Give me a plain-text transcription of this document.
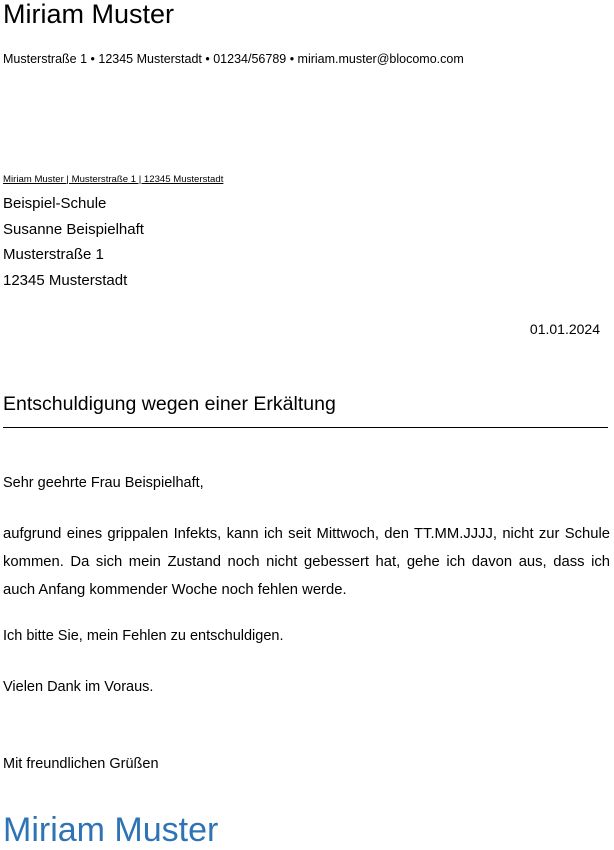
Miriam Muster
Musterstraße 1 • 12345 Musterstadt • 01234/56789 • miriam.muster@blocomo.com
Miriam Muster | Musterstraße 1 | 12345 Musterstadt
Beispiel-Schule
Susanne Beispielhaft
Musterstraße 1
12345 Musterstadt
01.01.2024
Entschuldigung wegen einer Erkältung
Sehr geehrte Frau Beispielhaft,
aufgrund eines grippalen Infekts, kann ich seit Mittwoch, den TT.MM.JJJJ, nicht zur Schule kommen. Da sich mein Zustand noch nicht gebessert hat, gehe ich davon aus, dass ich auch Anfang kommender Woche noch fehlen werde.
Ich bitte Sie, mein Fehlen zu entschuldigen.
Vielen Dank im Voraus.
Mit freundlichen Grüßen
Miriam Muster
